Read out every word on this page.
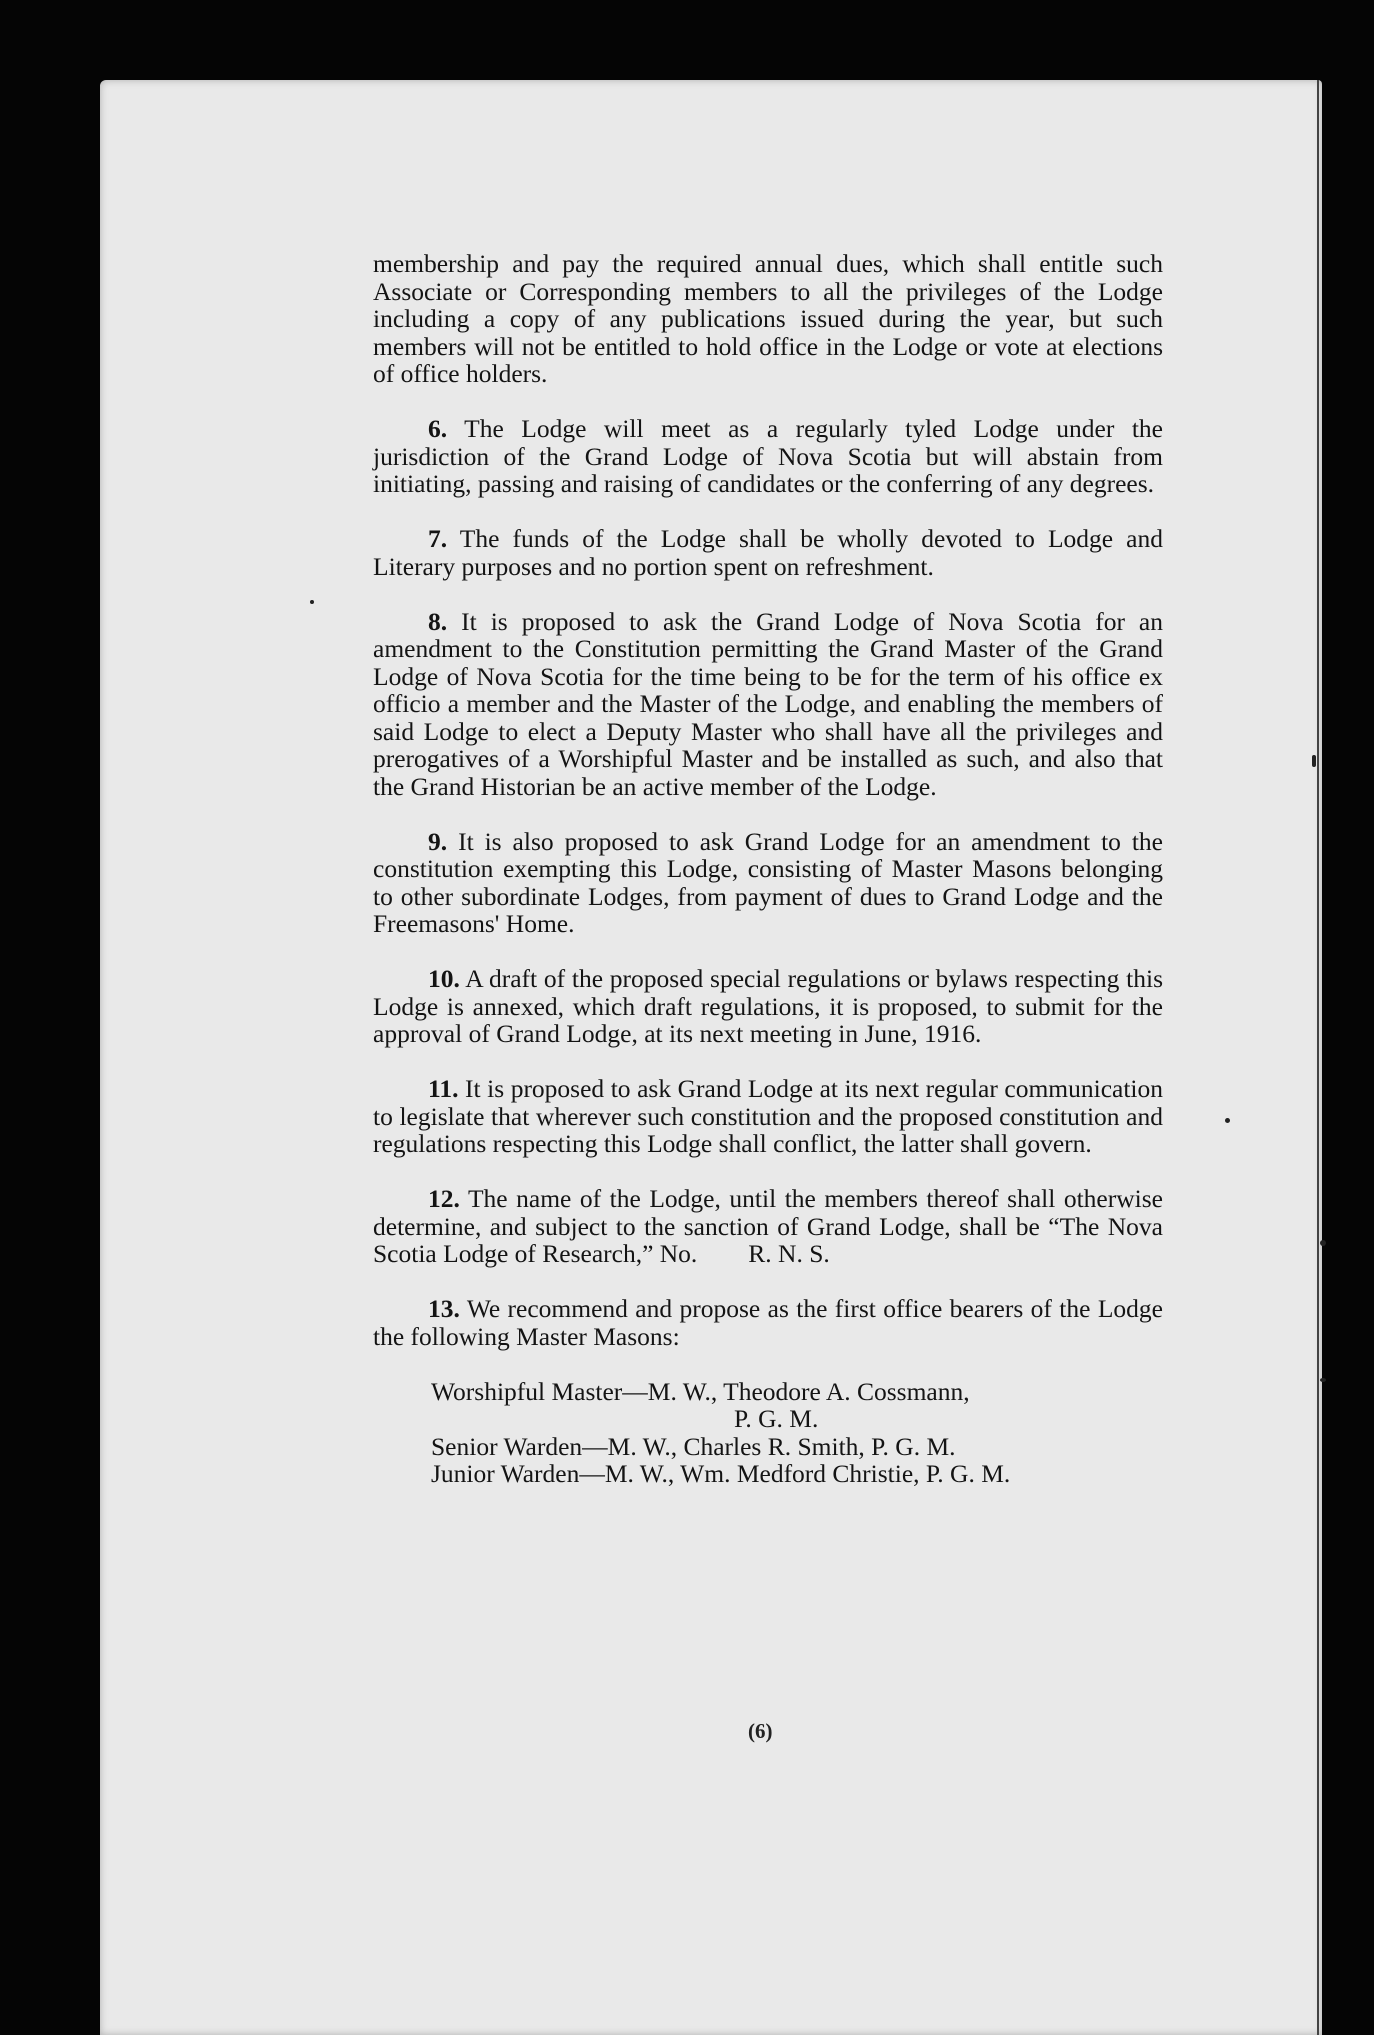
membership and pay the required annual dues, which shall entitle such Associate or Corresponding members to all the privileges of the Lodge including a copy of any publications issued during the year, but such members will not be entitled to hold office in the Lodge or vote at elections of office holders.

6. The Lodge will meet as a regularly tyled Lodge under the jurisdiction of the Grand Lodge of Nova Scotia but will abstain from initiating, passing and raising of candidates or the conferring of any degrees.

7. The funds of the Lodge shall be wholly devoted to Lodge and Literary purposes and no portion spent on refreshment.

8. It is proposed to ask the Grand Lodge of Nova Scotia for an amendment to the Constitution permitting the Grand Master of the Grand Lodge of Nova Scotia for the time being to be for the term of his office ex officio a member and the Master of the Lodge, and enabling the members of said Lodge to elect a Deputy Master who shall have all the privileges and prerogatives of a Worshipful Master and be installed as such, and also that the Grand Historian be an active member of the Lodge.

9. It is also proposed to ask Grand Lodge for an amendment to the constitution exempting this Lodge, consisting of Master Masons belonging to other subordinate Lodges, from payment of dues to Grand Lodge and the Freemasons' Home.

10. A draft of the proposed special regulations or bylaws respecting this Lodge is annexed, which draft regulations, it is proposed, to submit for the approval of Grand Lodge, at its next meeting in June, 1916.

11. It is proposed to ask Grand Lodge at its next regular communication to legislate that wherever such constitution and the proposed constitution and regulations respecting this Lodge shall conflict, the latter shall govern.

12. The name of the Lodge, until the members thereof shall otherwise determine, and subject to the sanction of Grand Lodge, shall be “The Nova Scotia Lodge of Research,” No.  R. N. S.

13. We recommend and propose as the first office bearers of the Lodge the following Master Masons:

Worshipful Master—M. W., Theodore A. Cossmann,

P. G. M.

Senior Warden—M. W., Charles R. Smith, P. G. M.

Junior Warden—M. W., Wm. Medford Christie, P. G. M.

(6)
